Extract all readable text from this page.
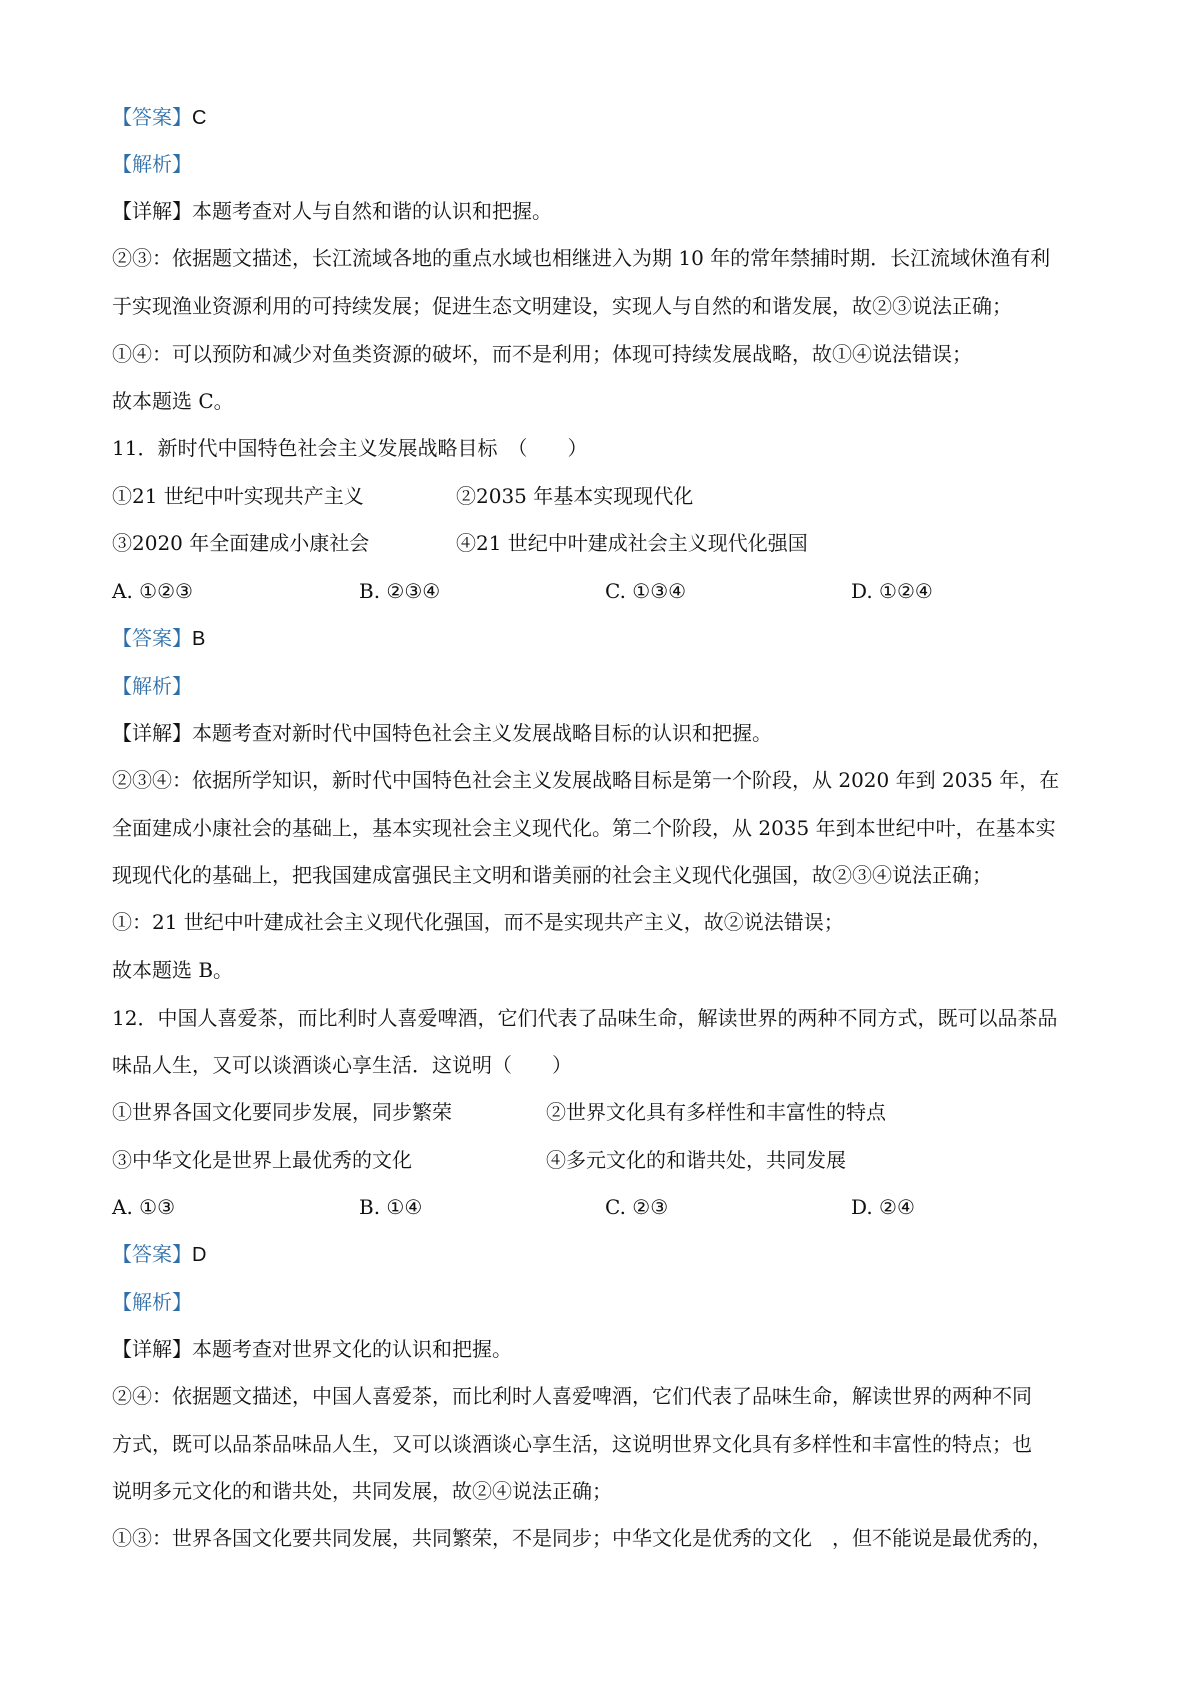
【答案】C
【解析】
【详解】本题考查对人与自然和谐的认识和把握。
②③：依据题文描述，长江流域各地的重点水域也相继进入为期 10 年的常年禁捕时期．长江流域休渔有利
于实现渔业资源利用的可持续发展；促进生态文明建设，实现人与自然的和谐发展，故②③说法正确；
①④：可以预防和减少对鱼类资源的破坏，而不是利用；体现可持续发展战略，故①④说法错误；
故本题选 C。
11．新时代中国特色社会主义发展战略目标　（　　）
①21 世纪中叶实现共产主义	②2035 年基本实现现代化
③2020 年全面建成小康社会	④21 世纪中叶建成社会主义现代化强国
A. ①②③	B. ②③④	C. ①③④	D. ①②④
【答案】B
【解析】
【详解】本题考查对新时代中国特色社会主义发展战略目标的认识和把握。
②③④：依据所学知识，新时代中国特色社会主义发展战略目标是第一个阶段，从 2020 年到 2035 年，在
全面建成小康社会的基础上，基本实现社会主义现代化。第二个阶段，从 2035 年到本世纪中叶，在基本实
现现代化的基础上，把我国建成富强民主文明和谐美丽的社会主义现代化强国，故②③④说法正确；
①：21 世纪中叶建成社会主义现代化强国，而不是实现共产主义，故②说法错误；
故本题选 B。
12．中国人喜爱茶，而比利时人喜爱啤酒，它们代表了品味生命，解读世界的两种不同方式，既可以品茶品
味品人生，又可以谈酒谈心享生活．这说明（　　）
①世界各国文化要同步发展，同步繁荣	②世界文化具有多样性和丰富性的特点
③中华文化是世界上最优秀的文化	④多元文化的和谐共处，共同发展
A. ①③	B. ①④	C. ②③	D. ②④
【答案】D
【解析】
【详解】本题考查对世界文化的认识和把握。
②④：依据题文描述，中国人喜爱茶，而比利时人喜爱啤酒，它们代表了品味生命，解读世界的两种不同
方式，既可以品茶品味品人生，又可以谈酒谈心享生活，这说明世界文化具有多样性和丰富性的特点；也
说明多元文化的和谐共处，共同发展，故②④说法正确；
①③：世界各国文化要共同发展，共同繁荣，不是同步；中华文化是优秀的文化　，但不能说是最优秀的，
